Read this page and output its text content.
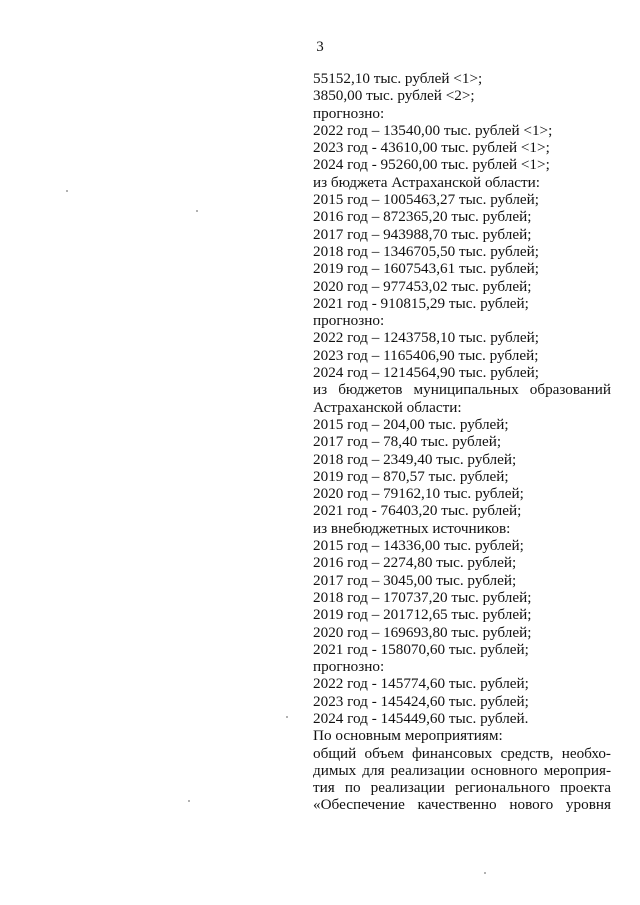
3
55152,10 тыс. рублей <1>;
3850,00 тыс. рублей <2>;
прогнозно:
2022 год – 13540,00 тыс. рублей <1>;
2023 год - 43610,00 тыс. рублей <1>;
2024 год - 95260,00 тыс. рублей <1>;
из бюджета Астраханской области:
2015 год – 1005463,27 тыс. рублей;
2016 год – 872365,20 тыс. рублей;
2017 год – 943988,70 тыс. рублей;
2018 год – 1346705,50 тыс. рублей;
2019 год – 1607543,61 тыс. рублей;
2020 год – 977453,02 тыс. рублей;
2021 год - 910815,29 тыс. рублей;
прогнозно:
2022 год – 1243758,10 тыс. рублей;
2023 год – 1165406,90 тыс. рублей;
2024 год – 1214564,90 тыс. рублей;
из бюджетов муниципальных образований
Астраханской области:
2015 год – 204,00 тыс. рублей;
2017 год – 78,40 тыс. рублей;
2018 год – 2349,40 тыс. рублей;
2019 год – 870,57 тыс. рублей;
2020 год – 79162,10 тыс. рублей;
2021 год - 76403,20 тыс. рублей;
из внебюджетных источников:
2015 год – 14336,00 тыс. рублей;
2016 год – 2274,80 тыс. рублей;
2017 год – 3045,00 тыс. рублей;
2018 год – 170737,20 тыс. рублей;
2019 год – 201712,65 тыс. рублей;
2020 год – 169693,80 тыс. рублей;
2021 год - 158070,60 тыс. рублей;
прогнозно:
2022 год - 145774,60 тыс. рублей;
2023 год - 145424,60 тыс. рублей;
2024 год - 145449,60 тыс. рублей.
По основным мероприятиям:
общий объем финансовых средств, необхо-
димых для реализации основного мероприя-
тия по реализации регионального проекта
«Обеспечение качественно нового уровня
